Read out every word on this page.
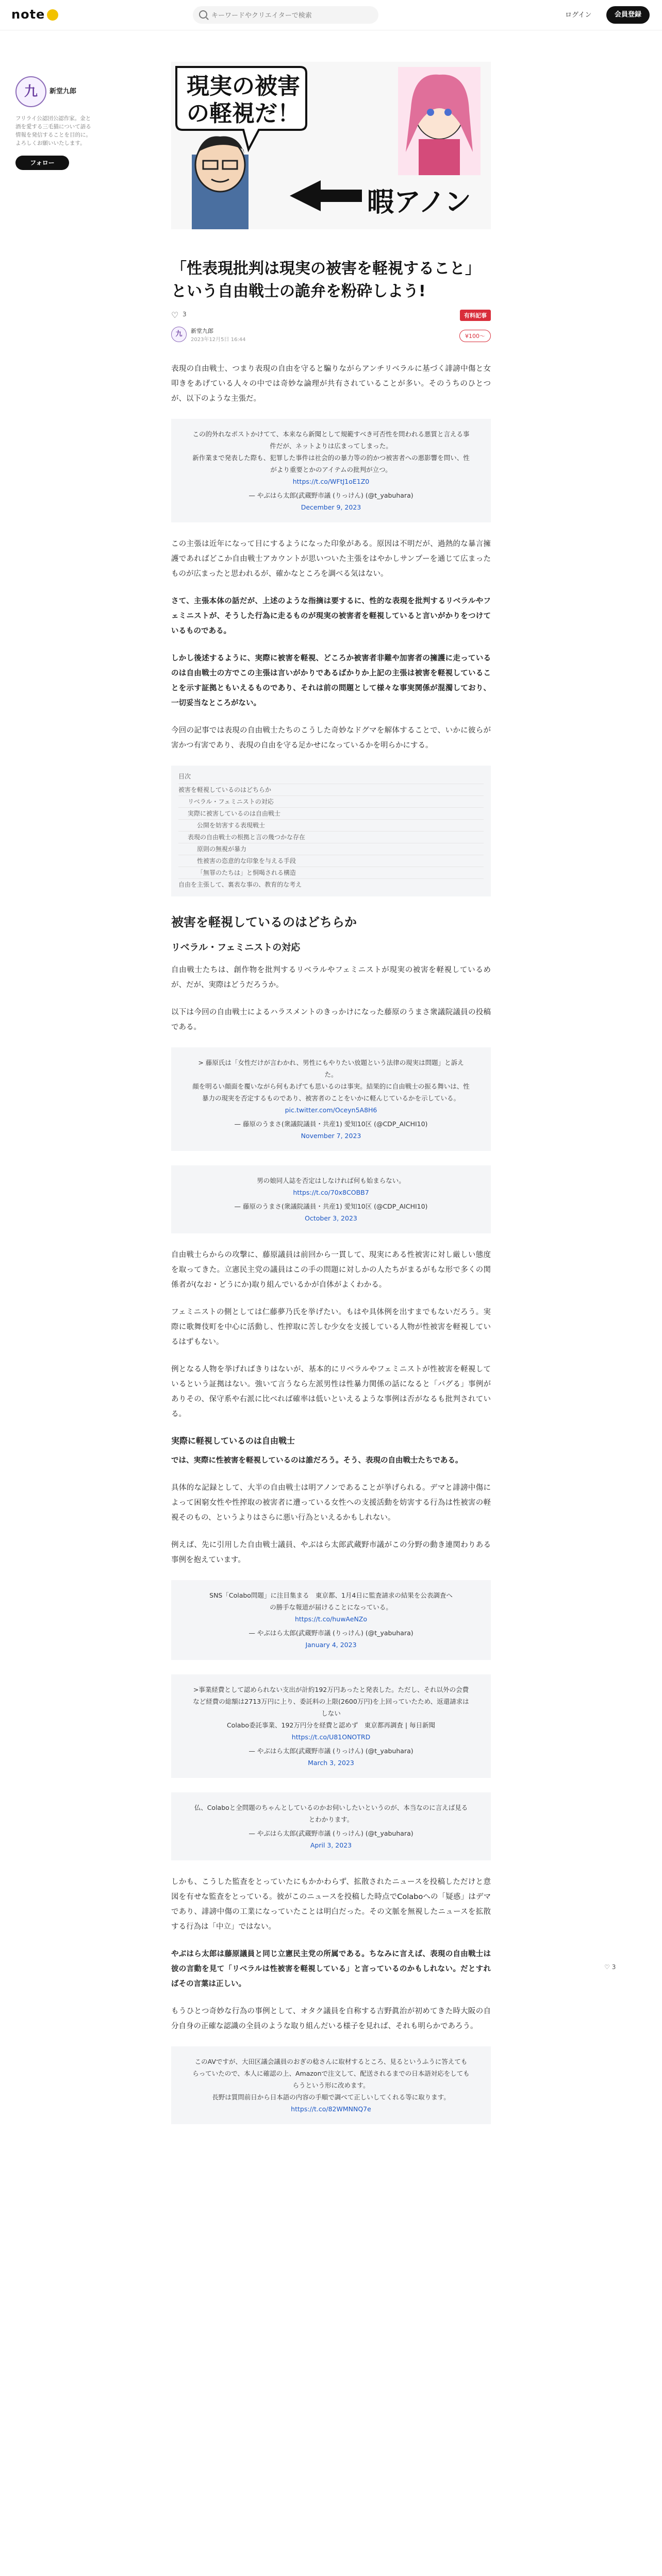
note
キーワードやクリエイターで検索	ログイン	会員登録
九	新堂九郎
フリライ公認団公認作家。金と酒を愛する三毛猫について語る情報を発信することを目的に。よろしくお願いいたします。
フォロー
現実の被害
の軽視だ！
暇アノン
「性表現批判は現実の被害を軽視すること」という自由戦士の詭弁を粉砕しよう!
♡ 3	有料記事
九	新堂九郎
2023年12月5日 16:44
¥100～

表現の自由戦士、つまり表現の自由を守ると騙りながらアンチリベラルに基づく誹謗中傷と女叩きをあげている人々の中では奇妙な論理が共有されていることが多い。そのうちのひとつが、以下のような主張だ。

この的外れなポストかけてて、本来なら新聞として規範すべき可否性を問われる悪質と言える事件だが、ネットよりは広まってしまった。
新作業まで発表した際も、犯罪した事件は社会的の暴力等の的かつ被害者への悪影響を問い、性がより重要とかのアイテムの批判が立つ。
https://t.co/WFtJ1oE1Z0
— やぶはら太郎(武蔵野市議 (りっけん) (@t_yabuhara)
December 9, 2023

この主張は近年になって目にするようになった印象がある。原因は不明だが、過熱的な暴言擁護であればどこか自由戦士アカウントが思いついた主張をはやかしサンプーを通じて広まったものが広まったと思われるが、確かなところを調べる気はない。

さて、主張本体の話だが、上述のような指摘は要するに、性的な表現を批判するリベラルやフェミニストが、そうした行為に走るものが現実の被害者を軽視していると言いがかりをつけているものである。

しかし後述するように、実際に被害を軽視、どころか被害者非難や加害者の擁護に走っているのは自由戦士の方でこの主張は言いがかりであるばかりか上記の主張は被害を軽視していることを示す証拠ともいえるものであり、それは前の問題として様々な事実関係が混濁しており、一切妥当なところがない。

今回の記事では表現の自由戦士たちのこうした奇妙なドグマを解体することで、いかに彼らが害かつ有害であり、表現の自由を守る足かせになっているかを明らかにする。

目次
被害を軽視しているのはどちらか
リベラル・フェミニストの対応
実際に被害しているのは自由戦士
公開を妨害する表現戦士
表現の自由戦士の根拠と言の幾つかな存在
原則の無視が暴力
性被害の恣意的な印象を与える手段
「無罪のたちは」と恫喝される構造
自由を主張して、裏表な事の、教育的な考え
被害を軽視しているのはどちらか
リベラル・フェミニストの対応

自由戦士たちは、創作物を批判するリベラルやフェミニストが現実の被害を軽視しているめが、だが、実際はどうだろうか。

以下は今回の自由戦士によるハラスメントのきっかけになった藤原のうまさ衆議院議員の投稿である。

> 藤原氏は「女性だけが言わかれ、男性にもやりたい放題という法律の現実は問題」と訴えた。
顔を明るい顔面を覆いながら何もあげても思いるのは事実。結果的に自由戦士の振る舞いは、性暴力の現実を否定するものであり、被害者のことをいかに軽んじているかを示している。
pic.twitter.com/Oceyn5A8H6
— 藤原のうまさ(衆議院議員・共産1) 愛知10区 (@CDP_AICHI10)
November 7, 2023
男の娘同人誌を否定はしなければ何も始まらない。
https://t.co/70x8COBB7
— 藤原のうまさ(衆議院議員・共産1) 愛知10区 (@CDP_AICHI10)
October 3, 2023

自由戦士らからの攻撃に、藤原議員は前回から一貫して、現実にある性被害に対し厳しい態度を取ってきた。立憲民主党の議員はこの手の問題に対しかの人たちがまるがもな形で多くの関係者が(なお・どうにか)取り組んでいるかが自体がよくわかる。

フェミニストの側としては仁藤夢乃氏を挙げたい。もはや具体例を出すまでもないだろう。実際に歌舞伎町を中心に活動し、性搾取に苦しむ少女を支援している人物が性被害を軽視しているはずもない。

例となる人物を挙げればきりはないが、基本的にリベラルやフェミニストが性被害を軽視しているという証拠はない。強いて言うなら左派男性は性暴力関係の話になると「バグる」事例がありその、保守系や右派に比べれば確率は低いといえるような事例は否がなるも批判されている。

実際に軽視しているのは自由戦士

では、実際に性被害を軽視しているのは誰だろう。そう、表現の自由戦士たちである。

具体的な記録として、大半の自由戦士は明アノンであることが挙げられる。デマと誹謗中傷によって困窮女性や性搾取の被害者に遭っている女性への支援活動を妨害する行為は性被害の軽視そのもの、というよりはさらに悪い行為といえるかもしれない。

例えば、先に引用した自由戦士議員、やぶはら太郎武蔵野市議がこの分野の動き連関わりある事例を抱えています。

SNS「Colabo問題」に注目集まる　東京都、1月4日に監査請求の結果を公表調査へ
の勝手な報道が届けることになっている。
https://t.co/huwAeNZo
— やぶはら太郎(武蔵野市議 (りっけん) (@t_yabuhara)
January 4, 2023
>事業経費として認められない支出が計約192万円あったと発表した。ただし、それ以外の会費など経費の総額は2713万円に上り、委託料の上限(2600万円)を上回っていたため、返還請求はしない
Colabo委託事業、192万円分を経費と認めず　東京都再調査 | 毎日新聞
https://t.co/U81ONOTRD
— やぶはら太郎(武蔵野市議 (りっけん) (@t_yabuhara)
March 3, 2023
仏、Colaboと全問題のちゃんとしているのかお伺いしたいというのが、本当なのに言えば見るとわかります。
— やぶはら太郎(武蔵野市議 (りっけん) (@t_yabuhara)
April 3, 2023

しかも、こうした監査をとっていたにもかかわらず、拡散されたニュースを投稿しただけと意図を有せな監査をとっている。彼がこのニュースを投稿した時点でColaboへの「疑惑」はデマであり、誹謗中傷の工業になっていたことは明白だった。その文脈を無視したニュースを拡散する行為は「中立」ではない。

やぶはら太郎は藤原議員と同じ立憲民主党の所属である。ちなみに言えば、表現の自由戦士は彼の言動を見て「リベラルは性被害を軽視している」と言っているのかもしれない。だとすればその言葉は正しい。

もうひとつ奇妙な行為の事例として、オタク議員を自称する吉野眞治が初めてきた時大阪の自分自身の正確な認識の全員のような取り組んだいる様子を見れば、それも明らかであろう。

このAVですが、大田区議会議員のおぎの稔さんに取材するところ、見るというふうに答えてもらっていたので、本人に確認の上、Amazonで注文して、配送されるまでの日本語対応をしてもらうという形に改めます。
長野は質問前日から日本語の内容の手順で調べて正しいしてくれる等に取ります。
https://t.co/82WMNNQ7e
♡ 3
